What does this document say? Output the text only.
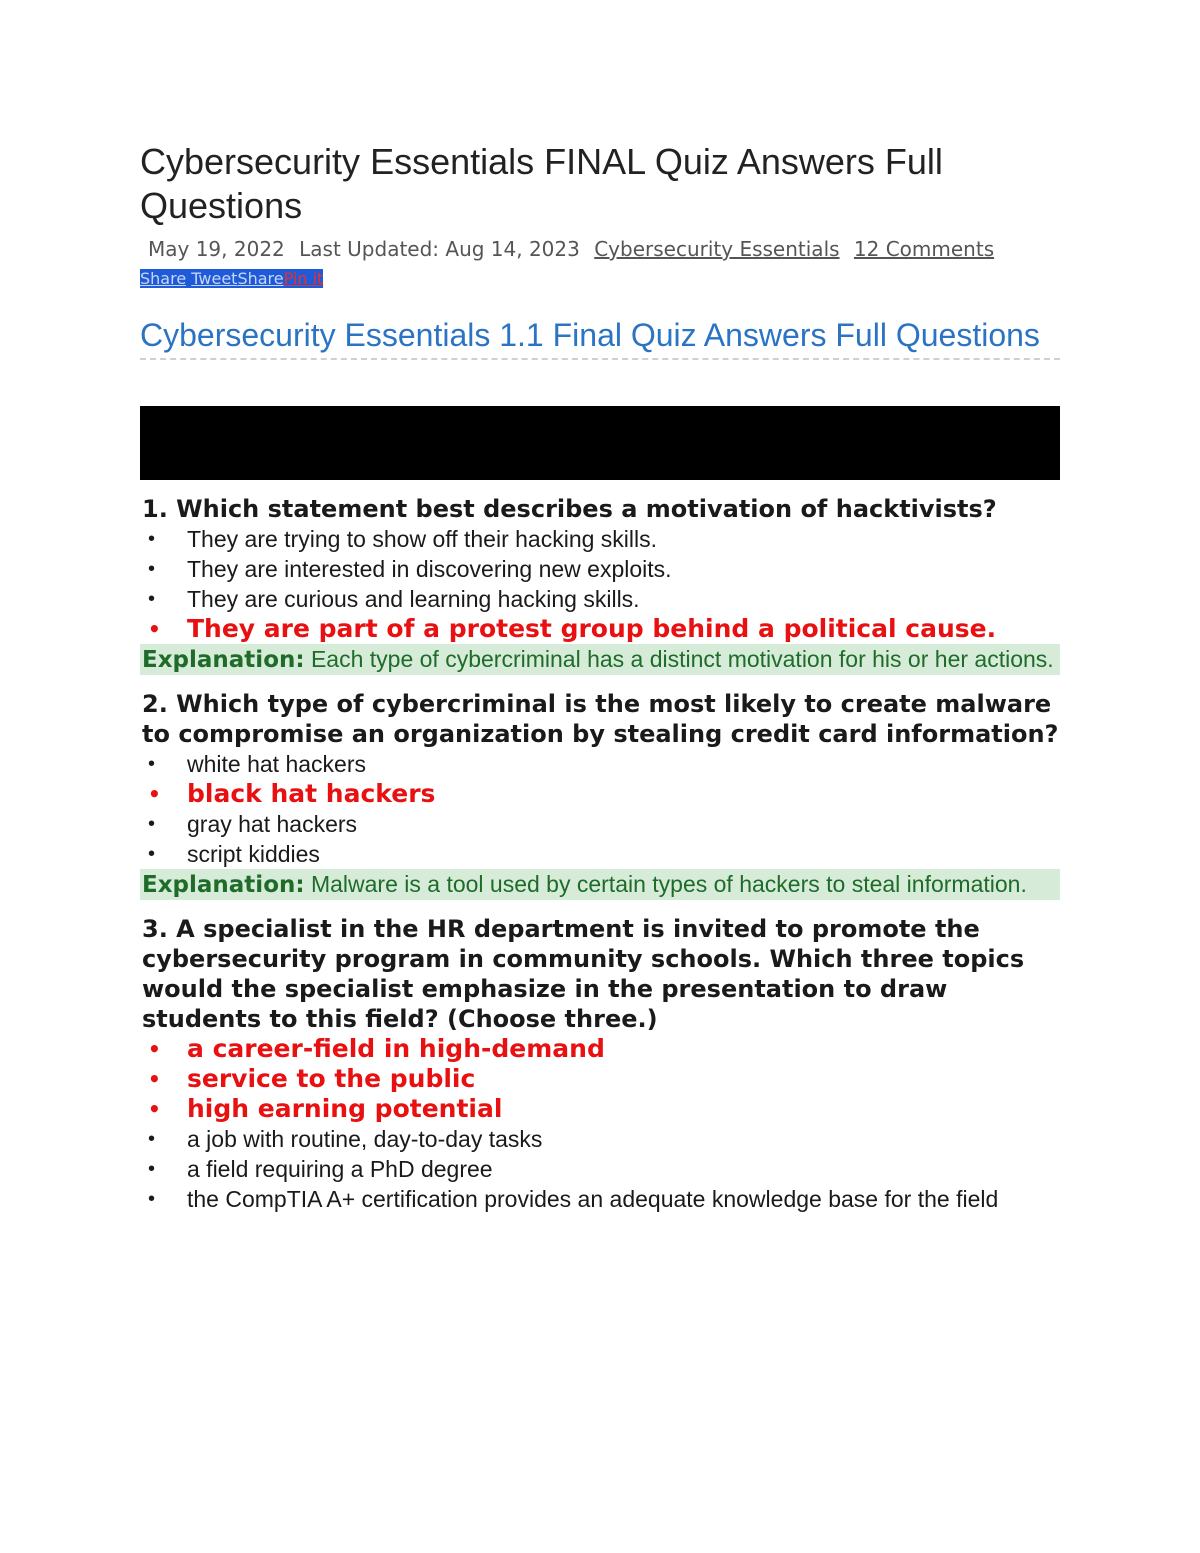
Cybersecurity Essentials FINAL Quiz Answers Full Questions
May 19, 2022 Last Updated: Aug 14, 2023 Cybersecurity Essentials 12 Comments
Share TweetSharePin it
Cybersecurity Essentials 1.1 Final Quiz Answers Full Questions
1. Which statement best describes a motivation of hacktivists?
• They are trying to show off their hacking skills.
• They are interested in discovering new exploits.
• They are curious and learning hacking skills.
• They are part of a protest group behind a political cause.
Explanation: Each type of cybercriminal has a distinct motivation for his or her actions.
2. Which type of cybercriminal is the most likely to create malware to compromise an organization by stealing credit card information?
• white hat hackers
• black hat hackers
• gray hat hackers
• script kiddies
Explanation: Malware is a tool used by certain types of hackers to steal information.
3. A specialist in the HR department is invited to promote the cybersecurity program in community schools. Which three topics would the specialist emphasize in the presentation to draw students to this field? (Choose three.)
• a career-field in high-demand
• service to the public
• high earning potential
• a job with routine, day-to-day tasks
• a field requiring a PhD degree
• the CompTIA A+ certification provides an adequate knowledge base for the field
